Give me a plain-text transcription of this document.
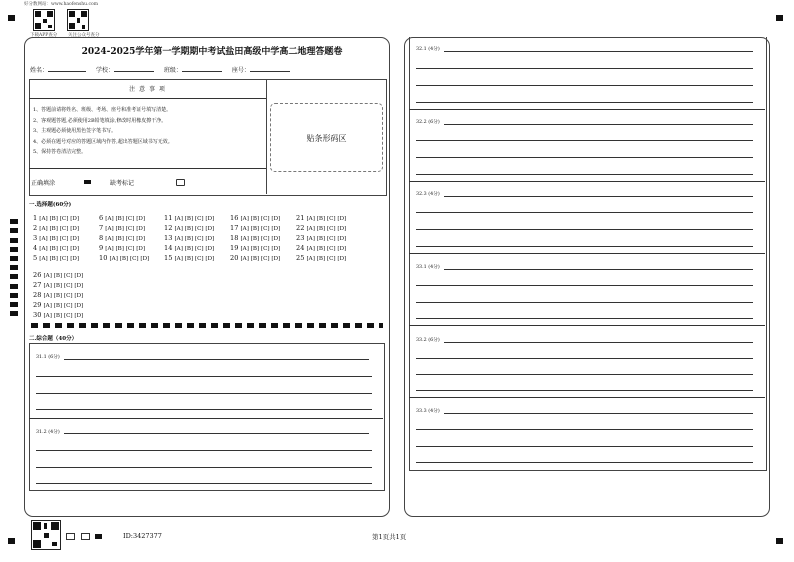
好分数网站：www.haofenshu.com
下载APP查分 关注公众号查分
2024-2025学年第一学期期中考试盐田高级中学高二地理答题卷
姓名：	学校：	班级：	座号：
注 意 事 项
1、答题前请将姓名、班级、考场、座号和准考证号填写清楚。
2、客观题答题,必须使用2B铅笔填涂,修改时用橡皮擦干净。
3、主观题必须使用黑色签字笔书写。
4、必须在题号对应的答题区域内作答,超出答题区域书写无效。
5、保持答卷清洁完整。
正确填涂	缺考标记
贴条形码区
一.选择题(60分)
1 [A] [B] [C] [D]
2 [A] [B] [C] [D]
3 [A] [B] [C] [D]
4 [A] [B] [C] [D]
5 [A] [B] [C] [D]
6 [A] [B] [C] [D]
7 [A] [B] [C] [D]
8 [A] [B] [C] [D]
9 [A] [B] [C] [D]
10 [A] [B] [C] [D]
11 [A] [B] [C] [D]
12 [A] [B] [C] [D]
13 [A] [B] [C] [D]
14 [A] [B] [C] [D]
15 [A] [B] [C] [D]
16 [A] [B] [C] [D]
17 [A] [B] [C] [D]
18 [A] [B] [C] [D]
19 [A] [B] [C] [D]
20 [A] [B] [C] [D]
21 [A] [B] [C] [D]
22 [A] [B] [C] [D]
23 [A] [B] [C] [D]
24 [A] [B] [C] [D]
25 [A] [B] [C] [D]
26 [A] [B] [C] [D]
27 [A] [B] [C] [D]
28 [A] [B] [C] [D]
29 [A] [B] [C] [D]
30 [A] [B] [C] [D]
二.综合题（40分）
31.1 (6分)
31.2 (4分)
32.1 (4分)
32.2 (6分)
32.3 (4分)
33.1 (4分)
33.2 (6分)
33.3 (4分)
ID:3427377	第1页共1页
